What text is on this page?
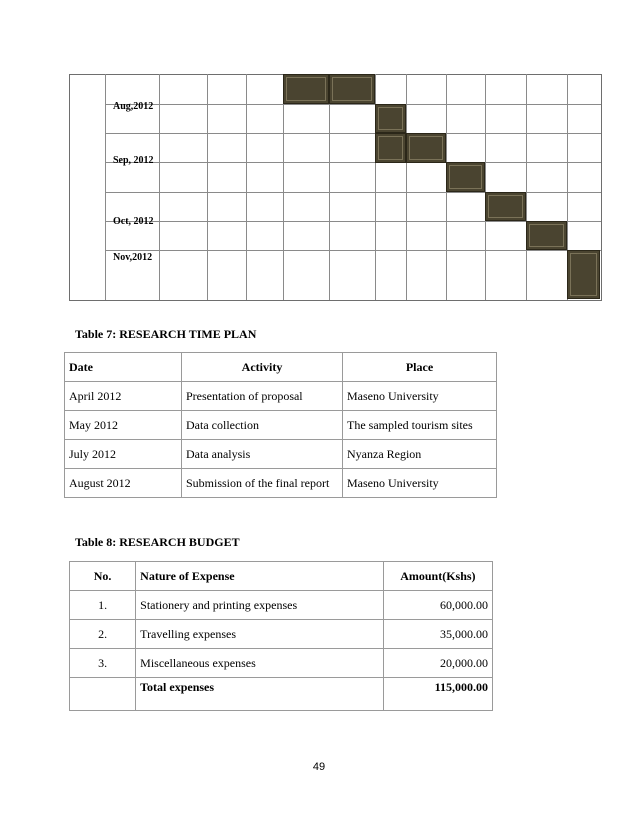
Aug,2012
Sep, 2012
Oct, 2012
Nov,2012
Table 7: RESEARCH TIME PLAN
Date	Activity	Place
April 2012	Presentation of proposal	Maseno University
May 2012	Data collection	The sampled tourism sites
July 2012	Data analysis	Nyanza Region
August 2012	Submission of the final report	Maseno University
Table 8: RESEARCH BUDGET
No.	Nature of Expense	Amount(Kshs)
1.	Stationery and printing expenses	60,000.00
2.	Travelling expenses	35,000.00
3.	Miscellaneous expenses	20,000.00
	Total expenses	115,000.00
49
